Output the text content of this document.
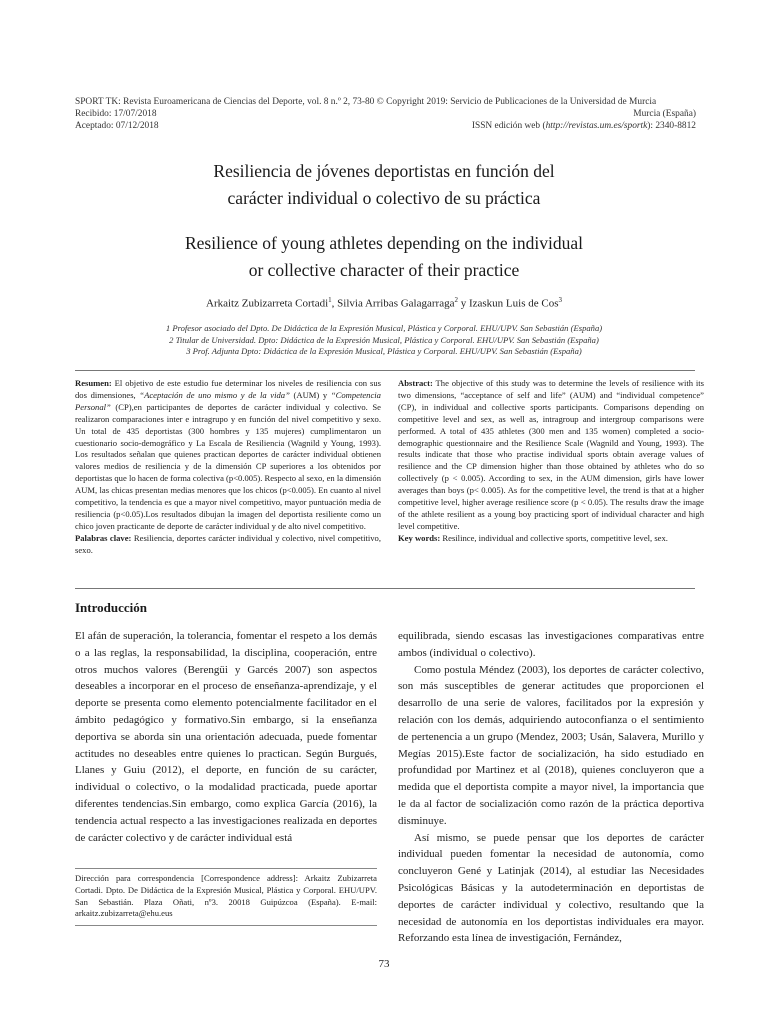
SPORT TK: Revista Euroamericana de Ciencias del Deporte, vol. 8 n.º 2, 73-80 © Copyright 2019: Servicio de Publicaciones de la Universidad de Murcia
Recibido: 17/07/2018
Aceptado: 07/12/2018
Murcia (España)
ISSN edición web (http://revistas.um.es/sportk): 2340-8812
Resiliencia de jóvenes deportistas en función del
carácter individual o colectivo de su práctica
Resilience of young athletes depending on the individual
or collective character of their practice
Arkaitz Zubizarreta Cortadi$^1$, Silvia Arribas Galagarraga$^2$ y Izaskun Luis de Cos$^3$
1 Profesor asociado del Dpto. De Didáctica de la Expresión Musical, Plástica y Corporal. EHU/UPV. San Sebastián (España)
2 Titular de Universidad. Dpto: Didáctica de la Expresión Musical, Plástica y Corporal. EHU/UPV. San Sebastián (España)
3 Prof. Adjunta Dpto: Didáctica de la Expresión Musical, Plástica y Corporal. EHU/UPV. San Sebastián (España)
Resumen: El objetivo de este estudio fue determinar los niveles de resiliencia con sus dos dimensiones, “Aceptación de uno mismo y de la vida” (AUM) y “Competencia Personal” (CP),en participantes de deportes de carácter individual y colectivo. Se realizaron comparaciones inter e intragrupo y en función del nivel competitivo y sexo. Un total de 435 deportistas (300 hombres y 135 mujeres) cumplimentaron un cuestionario socio-demográfico y La Escala de Resiliencia (Wagnild y Young, 1993). Los resultados señalan que quienes practican deportes de carácter individual obtienen valores medios de resiliencia y de la dimensión CP superiores a los obtenidos por deportistas que lo hacen de forma colectiva (p<0.005). Respecto al sexo, en la dimensión AUM, las chicas presentan medias menores que los chicos (p<0.005). En cuanto al nivel competitivo, la tendencia es que a mayor nivel competitivo, mayor puntuación media de resiliencia (p<0.05).Los resultados dibujan la imagen del deportista resiliente como un chico joven practicante de deporte de carácter individual y de alto nivel competitivo.
Palabras clave: Resiliencia, deportes carácter individual y colectivo, nivel competitivo, sexo.
Abstract: The objective of this study was to determine the levels of resilience with its two dimensions, “acceptance of self and life” (AUM) and “individual competence” (CP), in individual and collective sports participants. Comparisons depending on competitive level and sex, as well as, intragroup and intergroup comparisons were performed. A total of 435 athletes (300 men and 135 women) completed a socio-demographic questionnaire and the Resilience Scale (Wagnild and Young, 1993). The results indicate that those who practise individual sports obtain average values of resilience and the CP dimension higher than those obtained by athletes who do so collectively (p < 0.005). According to sex, in the AUM dimension, girls have lower averages than boys (p< 0.005). As for the competitive level, the trend is that at a higher competitive level, higher average resilience score (p < 0.05). The results draw the image of the athlete resilient as a young boy practicing sport of individual character and high level competitive.
Key words: Resilince, individual and collective sports, competitive level, sex.
Introducción

El afán de superación, la tolerancia, fomentar el respeto a los demás o a las reglas, la responsabilidad, la disciplina, cooperación, entre otros muchos valores (Berengüi y Garcés 2007) son aspectos deseables a incorporar en el proceso de enseñanza-aprendizaje, y el deporte se presenta como elemento potencialmente facilitador en el ámbito pedagógico y formativo.Sin embargo, si la enseñanza deportiva se aborda sin una orientación adecuada, puede fomentar actitudes no deseables entre quienes lo practican. Según Burgués, Llanes y Guiu (2012), el deporte, en función de su carácter, individual o colectivo, o la modalidad practicada, puede aportar diferentes tendencias.Sin embargo, como explica García (2016), la tendencia actual respecto a las investigaciones realizada en deportes de carácter colectivo y de carácter individual está

equilibrada, siendo escasas las investigaciones comparativas entre ambos (individual o colectivo).

Como postula Méndez (2003), los deportes de carácter colectivo, son más susceptibles de generar actitudes que proporcionen el desarrollo de una serie de valores, facilitados por la expresión y relación con los demás, adquiriendo autoconfianza o el sentimiento de pertenencia a un grupo (Mendez, 2003; Usán, Salavera, Murillo y Megías 2015).Este factor de socialización, ha sido estudiado en profundidad por Martinez et al (2018), quienes concluyeron que a medida que el deportista compite a mayor nivel, la importancia que le da al factor de socialización como razón de la práctica deportiva disminuye.

Así mismo, se puede pensar que los deportes de carácter individual pueden fomentar la necesidad de autonomía, como concluyeron Gené y Latinjak (2014), al estudiar las Necesidades Psicológicas Básicas y la autodeterminación en deportistas de deportes de carácter individual y colectivo, resultando que la necesidad de autonomía en los deportistas individuales era mayor. Reforzando esta línea de investigación, Fernández,

Dirección para correspondencia [Correspondence address]: Arkaitz Zubizarreta Cortadi. Dpto. De Didáctica de la Expresión Musical, Plástica y Corporal. EHU/UPV. San Sebastián. Plaza Oñati, nº3. 20018 Guipúzcoa (España). E-mail: arkaitz.zubizarreta@ehu.eus
73
